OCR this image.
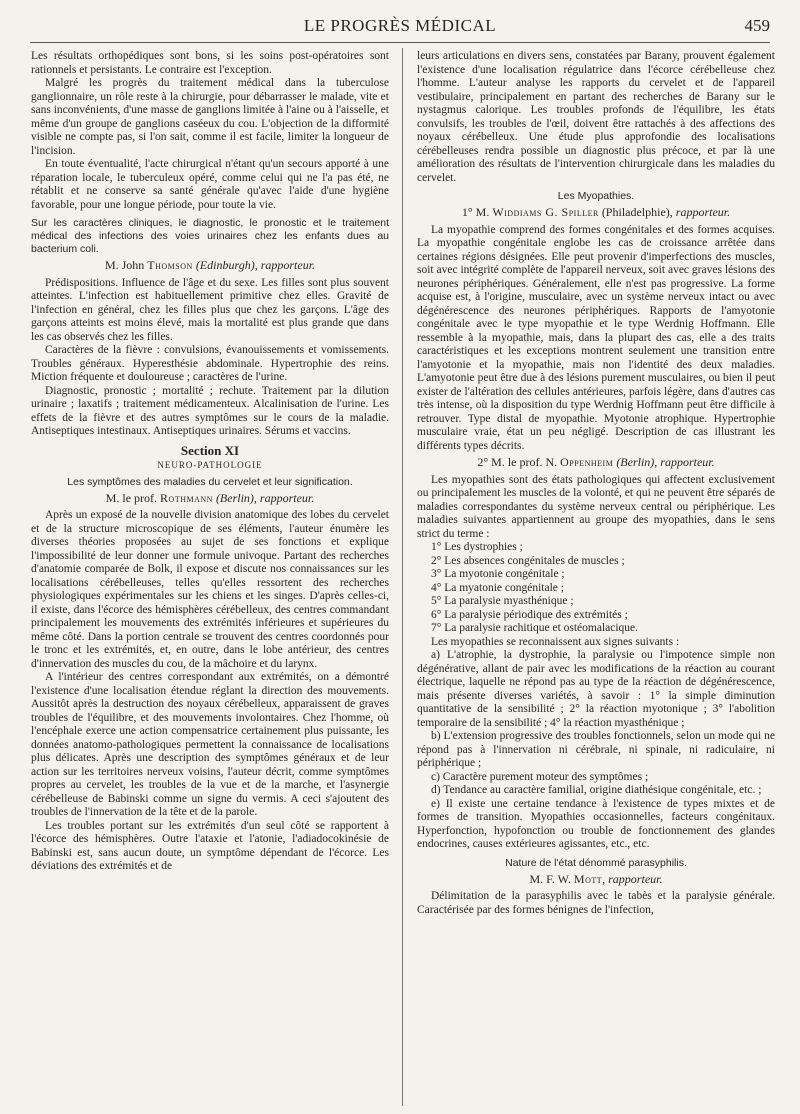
LE PROGRÈS MÉDICAL	459

Les résultats orthopédiques sont bons, si les soins post-opératoires sont rationnels et persistants. Le contraire est l'exception.

Malgré les progrès du traitement médical dans la tuberculose ganglionnaire, un rôle reste à la chirurgie, pour débarrasser le malade, vite et sans inconvénients, d'une masse de ganglions limitée à l'aine ou à l'aisselle, et même d'un groupe de ganglions caséeux du cou. L'objection de la difformité visible ne compte pas, si l'on sait, comme il est facile, limiter la longueur de l'incision.

En toute éventualité, l'acte chirurgical n'étant qu'un secours apporté à une réparation locale, le tuberculeux opéré, comme celui qui ne l'a pas été, ne rétablit et ne conserve sa santé générale qu'avec l'aide d'une hygiène favorable, pour une longue période, pour toute la vie.

Sur les caractères cliniques, le diagnostic, le pronostic et le traitement médical des infections des voies urinaires chez les enfants dues au bacterium coli.

M. John Thomson (Edinburgh), rapporteur.

Prédispositions. Influence de l'âge et du sexe. Les filles sont plus souvent atteintes. L'infection est habituellement primitive chez elles. Gravité de l'infection en général, chez les filles plus que chez les garçons. L'âge des garçons atteints est moins élevé, mais la mortalité est plus grande que dans les cas observés chez les filles.

Caractères de la fièvre : convulsions, évanouissements et vomissements. Troubles généraux. Hyperesthésie abdominale. Hypertrophie des reins. Miction fréquente et douloureuse ; caractères de l'urine.

Diagnostic, pronostic ; mortalité ; rechute. Traitement par la dilution urinaire ; laxatifs ; traitement médicamenteux. Alcalinisation de l'urine. Les effets de la fièvre et des autres symptômes sur le cours de la maladie. Antiseptiques intestinaux. Antiseptiques urinaires. Sérums et vaccins.

Section XI
NEURO-PATHOLOGIE

Les symptômes des maladies du cervelet et leur signification.

M. le prof. Rothmann (Berlin), rapporteur.

Après un exposé de la nouvelle division anatomique des lobes du cervelet et de la structure microscopique de ses éléments, l'auteur énumère les diverses théories proposées au sujet de ses fonctions et explique l'impossibilité de leur donner une formule univoque. Partant des recherches d'anatomie comparée de Bolk, il expose et discute nos connaissances sur les localisations cérébelleuses, telles qu'elles ressortent des recherches physiologiques expérimentales sur les chiens et les singes. D'après celles-ci, il existe, dans l'écorce des hémisphères cérébelleux, des centres commandant principalement les mouvements des extrémités inférieures et supérieures du même côté. Dans la portion centrale se trouvent des centres coordonnés pour le tronc et les extrémités, et, en outre, dans le lobe antérieur, des centres d'innervation des muscles du cou, de la mâchoire et du larynx.

A l'intérieur des centres correspondant aux extrémités, on a démontré l'existence d'une localisation étendue réglant la direction des mouvements. Aussitôt après la destruction des noyaux cérébelleux, apparaissent de graves troubles de l'équilibre, et des mouvements involontaires. Chez l'homme, où l'encéphale exerce une action compensatrice certainement plus puissante, les données anatomo-pathologiques permettent la connaissance de localisations plus délicates. Après une description des symptômes généraux et de leur action sur les territoires nerveux voisins, l'auteur décrit, comme symptômes propres au cervelet, les troubles de la vue et de la marche, et l'asynergie cérébelleuse de Babinski comme un signe du vermis. A ceci s'ajoutent des troubles de l'innervation de la tête et de la parole.

Les troubles portant sur les extrémités d'un seul côté se rapportent à l'écorce des hémisphères. Outre l'ataxie et l'atonie, l'adiadocokinésie de Babinski est, sans aucun doute, un symptôme dépendant de l'écorce. Les déviations des extrémités et de

leurs articulations en divers sens, constatées par Barany, prouvent également l'existence d'une localisation régulatrice dans l'écorce cérébelleuse chez l'homme. L'auteur analyse les rapports du cervelet et de l'appareil vestibulaire, principalement en partant des recherches de Barany sur le nystagmus calorique. Les troubles profonds de l'équilibre, les états convulsifs, les troubles de l'œil, doivent être rattachés à des affections des noyaux cérébelleux. Une étude plus approfondie des localisations cérébelleuses rendra possible un diagnostic plus précoce, et par là une amélioration des résultats de l'intervention chirurgicale dans les maladies du cervelet.

Les Myopathies.

1° M. Widdiams G. Spiller (Philadelphie), rapporteur.

La myopathie comprend des formes congénitales et des formes acquises. La myopathie congénitale englobe les cas de croissance arrêtée dans certaines régions désignées. Elle peut provenir d'imperfections des muscles, soit avec intégrité complète de l'appareil nerveux, soit avec graves lésions des neurones périphériques. Généralement, elle n'est pas progressive. La forme acquise est, à l'origine, musculaire, avec un système nerveux intact ou avec dégénérescence des neurones périphériques. Rapports de l'amyotonie congénitale avec le type myopathie et le type Werdnig Hoffmann. Elle ressemble à la myopathie, mais, dans la plupart des cas, elle a des traits caractéristiques et les exceptions montrent seulement une transition entre l'amyotonie et la myopathie, mais non l'identité des deux maladies. L'amyotonie peut être due à des lésions purement musculaires, ou bien il peut exister de l'altération des cellules antérieures, parfois légère, dans d'autres cas très intense, où la disposition du type Werdnig Hoffmann peut être difficile à retrouver. Type distal de myopathie. Myotonie atrophique. Hypertrophie musculaire vraie, état un peu négligé. Description de cas illustrant les différents types décrits.

2° M. le prof. N. Oppenheim (Berlin), rapporteur.

Les myopathies sont des états pathologiques qui affectent exclusivement ou principalement les muscles de la volonté, et qui ne peuvent être séparés de maladies correspondantes du système nerveux central ou périphérique. Les maladies suivantes appartiennent au groupe des myopathies, dans le sens strict du terme :

1° Les dystrophies ;

2° Les absences congénitales de muscles ;

3° La myotonie congénitale ;

4° La myatonie congénitale ;

5° La paralysie myasthénique ;

6° La paralysie périodique des extrémités ;

7° La paralysie rachitique et ostéomalacique.

Les myopathies se reconnaissent aux signes suivants :

a) L'atrophie, la dystrophie, la paralysie ou l'impotence simple non dégénérative, allant de pair avec les modifications de la réaction au courant électrique, laquelle ne répond pas au type de la réaction de dégénérescence, mais présente diverses variétés, à savoir : 1° la simple diminution quantitative de la sensibilité ; 2° la réaction myotonique ; 3° l'abolition temporaire de la sensibilité ; 4° la réaction myasthénique ;

b) L'extension progressive des troubles fonctionnels, selon un mode qui ne répond pas à l'innervation ni cérébrale, ni spinale, ni radiculaire, ni périphérique ;

c) Caractère purement moteur des symptômes ;

d) Tendance au caractère familial, origine diathésique congénitale, etc. ;

e) Il existe une certaine tendance à l'existence de types mixtes et de formes de transition. Myopathies occasionnelles, facteurs congénitaux. Hyperfonction, hypofonction ou trouble de fonctionnement des glandes endocrines, causes extérieures agissantes, etc., etc.

Nature de l'état dénommé parasyphilis.

M. F. W. Mott, rapporteur.

Délimitation de la parasyphilis avec le tabès et la paralysie générale. Caractérisée par des formes bénignes de l'infection,
